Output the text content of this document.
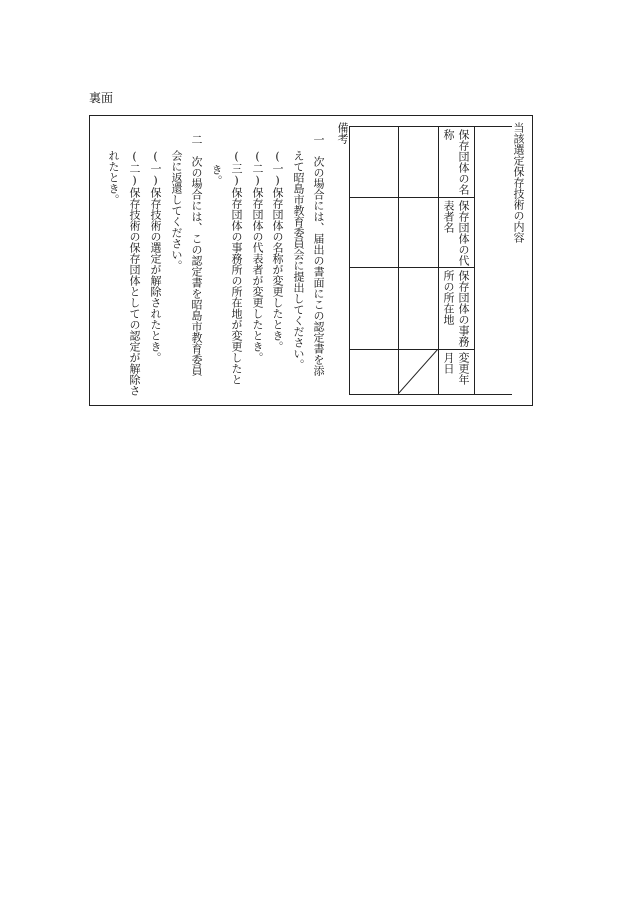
裏面
当該選定保存技術の内容
保存団体の名称
保存団体の代表者名
保存団体の事務所の所在地
変更年月日
備考
一　次の場合には、届出の書面にこの認定書を添
えて昭島市教育委員会に提出してください。
(一)保存団体の名称が変更したとき。
(二)保存団体の代表者が変更したとき。
(三)保存団体の事務所の所在地が変更したと
き。
二　次の場合には、この認定書を昭島市教育委員
会に返還してください。
(一)保存技術の選定が解除されたとき。
(二)保存技術の保存団体としての認定が解除さ
れたとき。
